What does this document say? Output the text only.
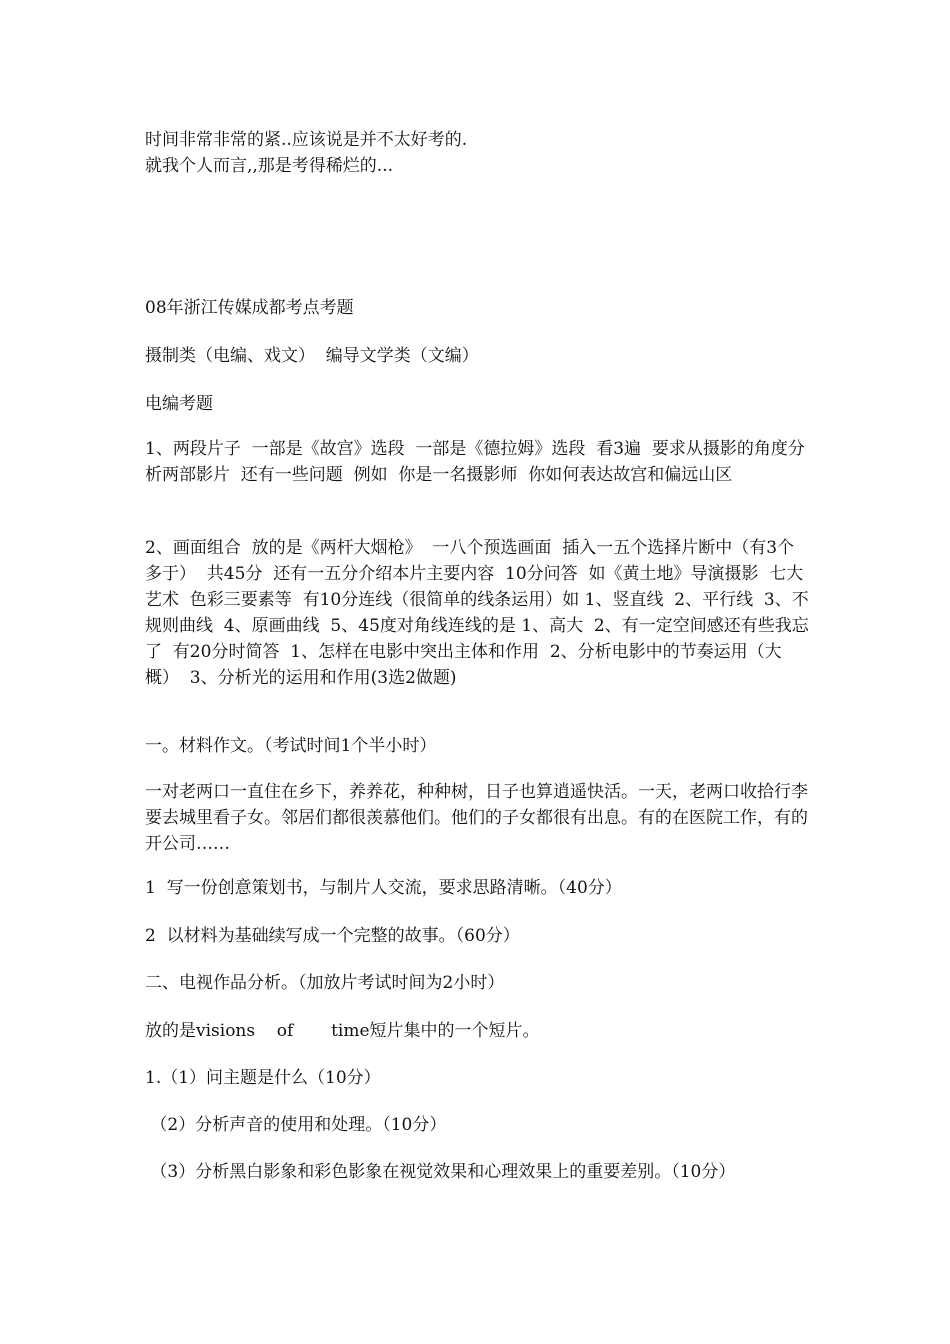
时间非常非常的紧..应该说是并不太好考的.
就我个人而言,,那是考得稀烂的...
08年浙江传媒成都考点考题
摄制类（电编、戏文）  编导文学类（文编）
电编考题
1、两段片子  一部是《故宫》选段  一部是《德拉姆》选段  看3遍  要求从摄影的角度分析两部影片  还有一些问题  例如  你是一名摄影师  你如何表达故宫和偏远山区
2、画面组合  放的是《两杆大烟枪》  一八个预选画面  插入一五个选择片断中（有3个多于）  共45分  还有一五分介绍本片主要内容  10分问答  如《黄土地》导演摄影  七大艺术  色彩三要素等  有10分连线（很简单的线条运用）如 1、竖直线  2、平行线  3、不规则曲线  4、原画曲线  5、45度对角线连线的是 1、高大  2、有一定空间感还有些我忘了  有20分时简答  1、怎样在电影中突出主体和作用  2、分析电影中的节奏运用（大概）  3、分析光的运用和作用(3选2做题)
一。材料作文。（考试时间1个半小时）
一对老两口一直住在乡下，养养花，种种树，日子也算逍遥快活。一天，老两口收拾行李要去城里看子女。邻居们都很羡慕他们。他们的子女都很有出息。有的在医院工作，有的开公司……
1  写一份创意策划书，与制片人交流，要求思路清晰。（40分）
2  以材料为基础续写成一个完整的故事。（60分）
二、电视作品分析。（加放片考试时间为2小时）
放的是visions    of       time短片集中的一个短片。
1.（1）问主题是什么（10分）
（2）分析声音的使用和处理。（10分）
（3）分析黑白影象和彩色影象在视觉效果和心理效果上的重要差别。（10分）
